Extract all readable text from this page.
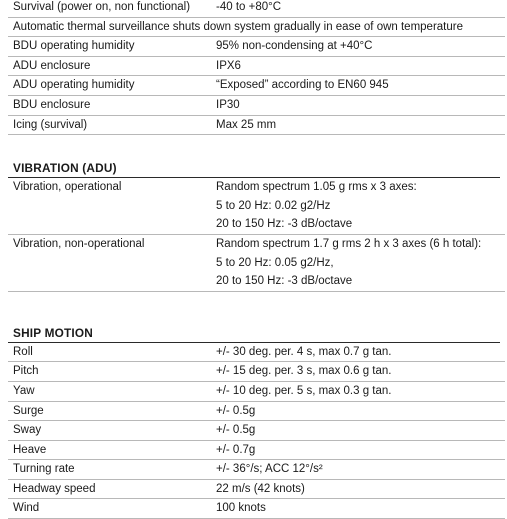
Survival (power on, non functional)	-40 to +80°C
Automatic thermal surveillance shuts down system gradually in ease of own temperature	
BDU operating humidity	95% non-condensing at +40°C
ADU enclosure	IPX6
ADU operating humidity	“Exposed” according to EN60 945
BDU enclosure	IP30
Icing (survival)	Max 25 mm
VIBRATION (ADU)
Vibration, operational	Random spectrum 1.05 g rms x 3 axes:
5 to 20 Hz: 0.02 g2/Hz
20 to 150 Hz: -3 dB/octave

Vibration, non-operational	Random spectrum 1.7 g rms 2 h x 3 axes (6 h total):
5 to 20 Hz: 0.05 g2/Hz,
20 to 150 Hz: -3 dB/octave
SHIP MOTION
Roll	+/- 30 deg. per. 4 s, max 0.7 g tan.
Pitch	+/- 15 deg. per. 3 s, max 0.6 g tan.
Yaw	+/- 10 deg. per. 5 s, max 0.3 g tan.
Surge	+/- 0.5g
Sway	+/- 0.5g
Heave	+/- 0.7g
Turning rate	+/- 36°/s; ACC 12°/s²
Headway speed	22 m/s (42 knots)
Wind	100 knots
